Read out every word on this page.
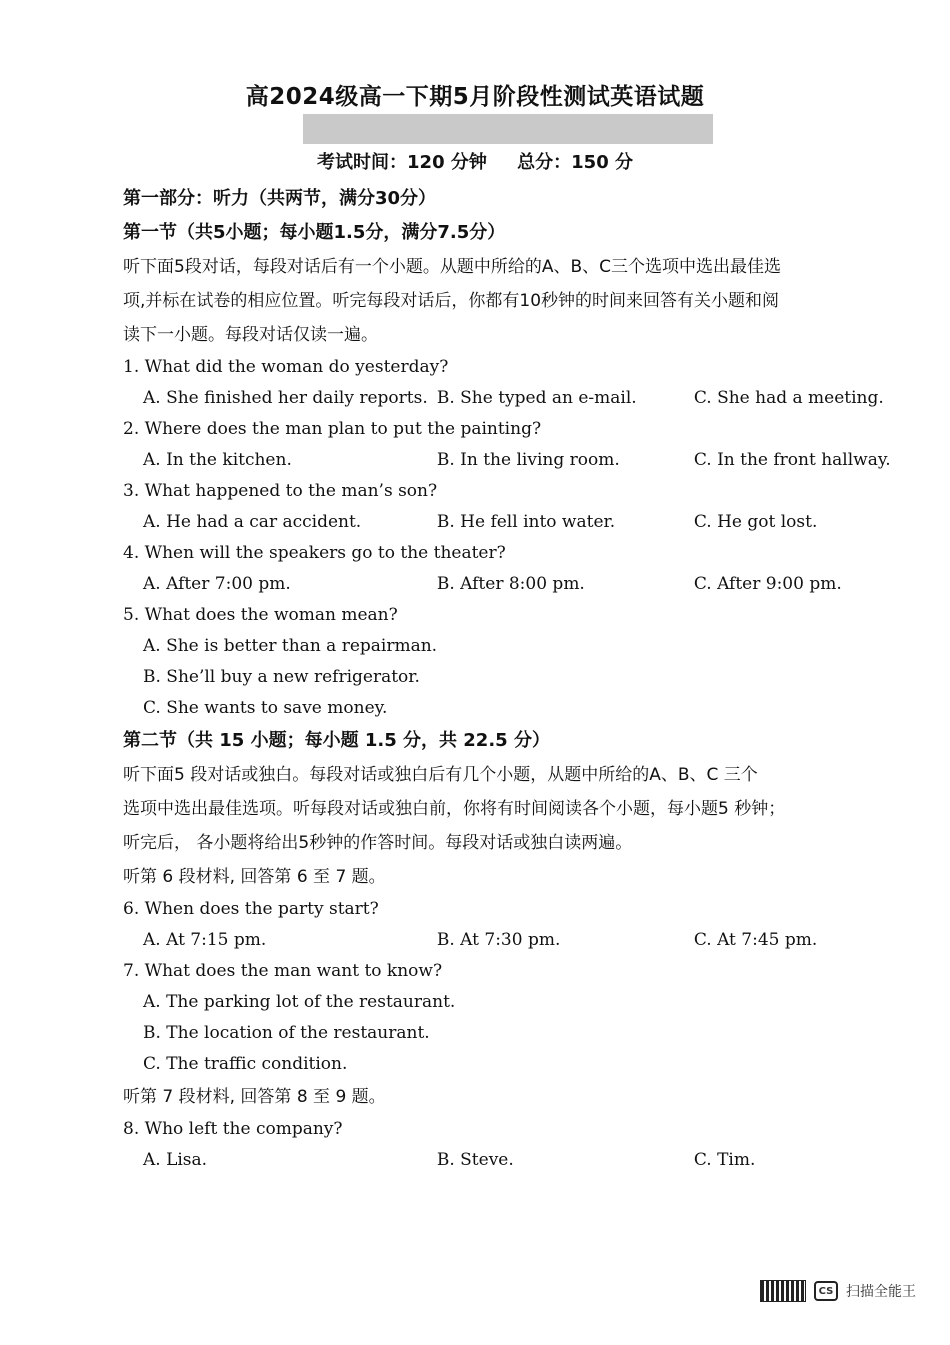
高2024级高一下期5月阶段性测试英语试题
考试时间：120 分钟 总分：150 分
第一部分：听力（共两节，满分30分）
第一节（共5小题；每小题1.5分，满分7.5分）
听下面5段对话，每段对话后有一个小题。从题中所给的A、B、C三个选项中选出最佳选
项,并标在试卷的相应位置。听完每段对话后，你都有10秒钟的时间来回答有关小题和阅
读下一小题。每段对话仅读一遍。
1. What did the woman do yesterday?
A. She finished her daily reports. B. She typed an e-mail.	C. She had a meeting.
2. Where does the man plan to put the painting?
A. In the kitchen.	B. In the living room.	C. In the front hallway.
3. What happened to the man’s son?
A. He had a car accident.	B. He fell into water.	C. He got lost.
4. When will the speakers go to the theater?
A. After 7:00 pm.	B. After 8:00 pm.	C. After 9:00 pm.
5. What does the woman mean?
A. She is better than a repairman.
B. She’ll buy a new refrigerator.
C. She wants to save money.
第二节（共 15 小题；每小题 1.5 分，共 22.5 分）
听下面5 段对话或独白。每段对话或独白后有几个小题，从题中所给的A、B、C 三个
选项中选出最佳选项。听每段对话或独白前，你将有时间阅读各个小题，每小题5 秒钟；
听完后， 各小题将给出5秒钟的作答时间。每段对话或独白读两遍。
听第 6 段材料, 回答第 6 至 7 题。
6. When does the party start?
A. At 7:15 pm.	B. At 7:30 pm.	C. At 7:45 pm.
7. What does the man want to know?
A. The parking lot of the restaurant.
B. The location of the restaurant.
C. The traffic condition.
听第 7 段材料, 回答第 8 至 9 题。
8. Who left the company?
A. Lisa.	B. Steve.	C. Tim.
CS 扫描全能王
